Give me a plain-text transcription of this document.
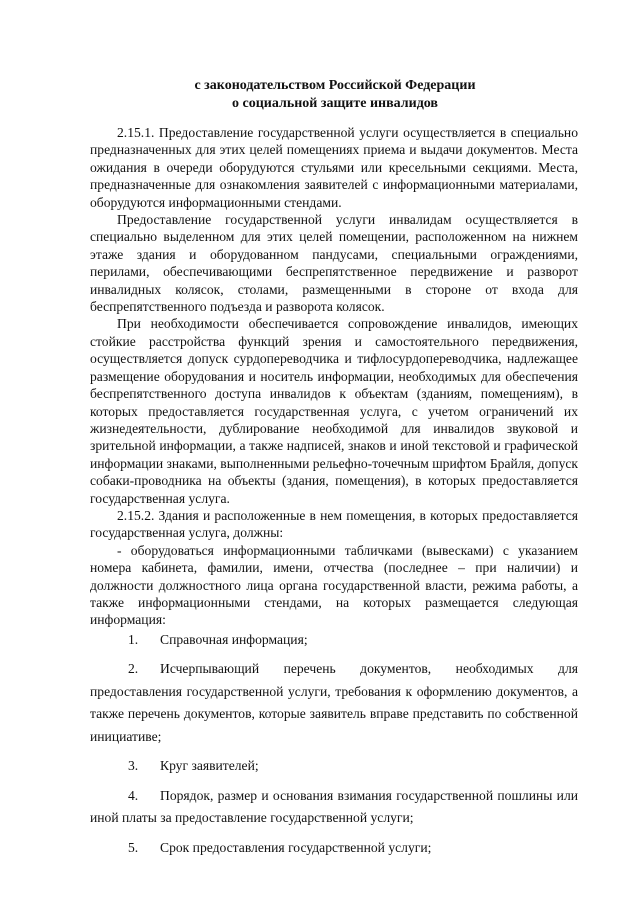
с законодательством Российской Федерации
о социальной защите инвалидов

2.15.1. Предоставление государственной услуги осуществляется в специально предназначенных для этих целей помещениях приема и выдачи документов. Места ожидания в очереди оборудуются стульями или кресельными секциями. Места, предназначенные для ознакомления заявителей с информационными материалами, оборудуются информационными стендами.

Предоставление государственной услуги инвалидам осуществляется в специально выделенном для этих целей помещении, расположенном на нижнем этаже здания и оборудованном пандусами, специальными ограждениями, перилами, обеспечивающими беспрепятственное передвижение и разворот инвалидных колясок, столами, размещенными в стороне от входа для беспрепятственного подъезда и разворота колясок.

При необходимости обеспечивается сопровождение инвалидов, имеющих стойкие расстройства функций зрения и самостоятельного передвижения, осуществляется допуск сурдопереводчика и тифлосурдопереводчика, надлежащее размещение оборудования и носитель информации, необходимых для обеспечения беспрепятственного доступа инвалидов к объектам (зданиям, помещениям), в которых предоставляется государственная услуга, с учетом ограничений их жизнедеятельности, дублирование необходимой для инвалидов звуковой и зрительной информации, а также надписей, знаков и иной текстовой и графической информации знаками, выполненными рельефно-точечным шрифтом Брайля, допуск собаки-проводника на объекты (здания, помещения), в которых предоставляется государственная услуга.

2.15.2. Здания и расположенные в нем помещения, в которых предоставляется государственная услуга, должны:

- оборудоваться информационными табличками (вывесками) с указанием номера кабинета, фамилии, имени, отчества (последнее – при наличии) и должности должностного лица органа государственной власти, режима работы, а также информационными стендами, на которых размещается следующая информация:

1. Справочная информация;

2. Исчерпывающий перечень документов, необходимых для предоставления государственной услуги, требования к оформлению документов, а также перечень документов, которые заявитель вправе представить по собственной инициативе;

3. Круг заявителей;

4. Порядок, размер и основания взимания государственной пошлины или иной платы за предоставление государственной услуги;

5. Срок предоставления государственной услуги;
